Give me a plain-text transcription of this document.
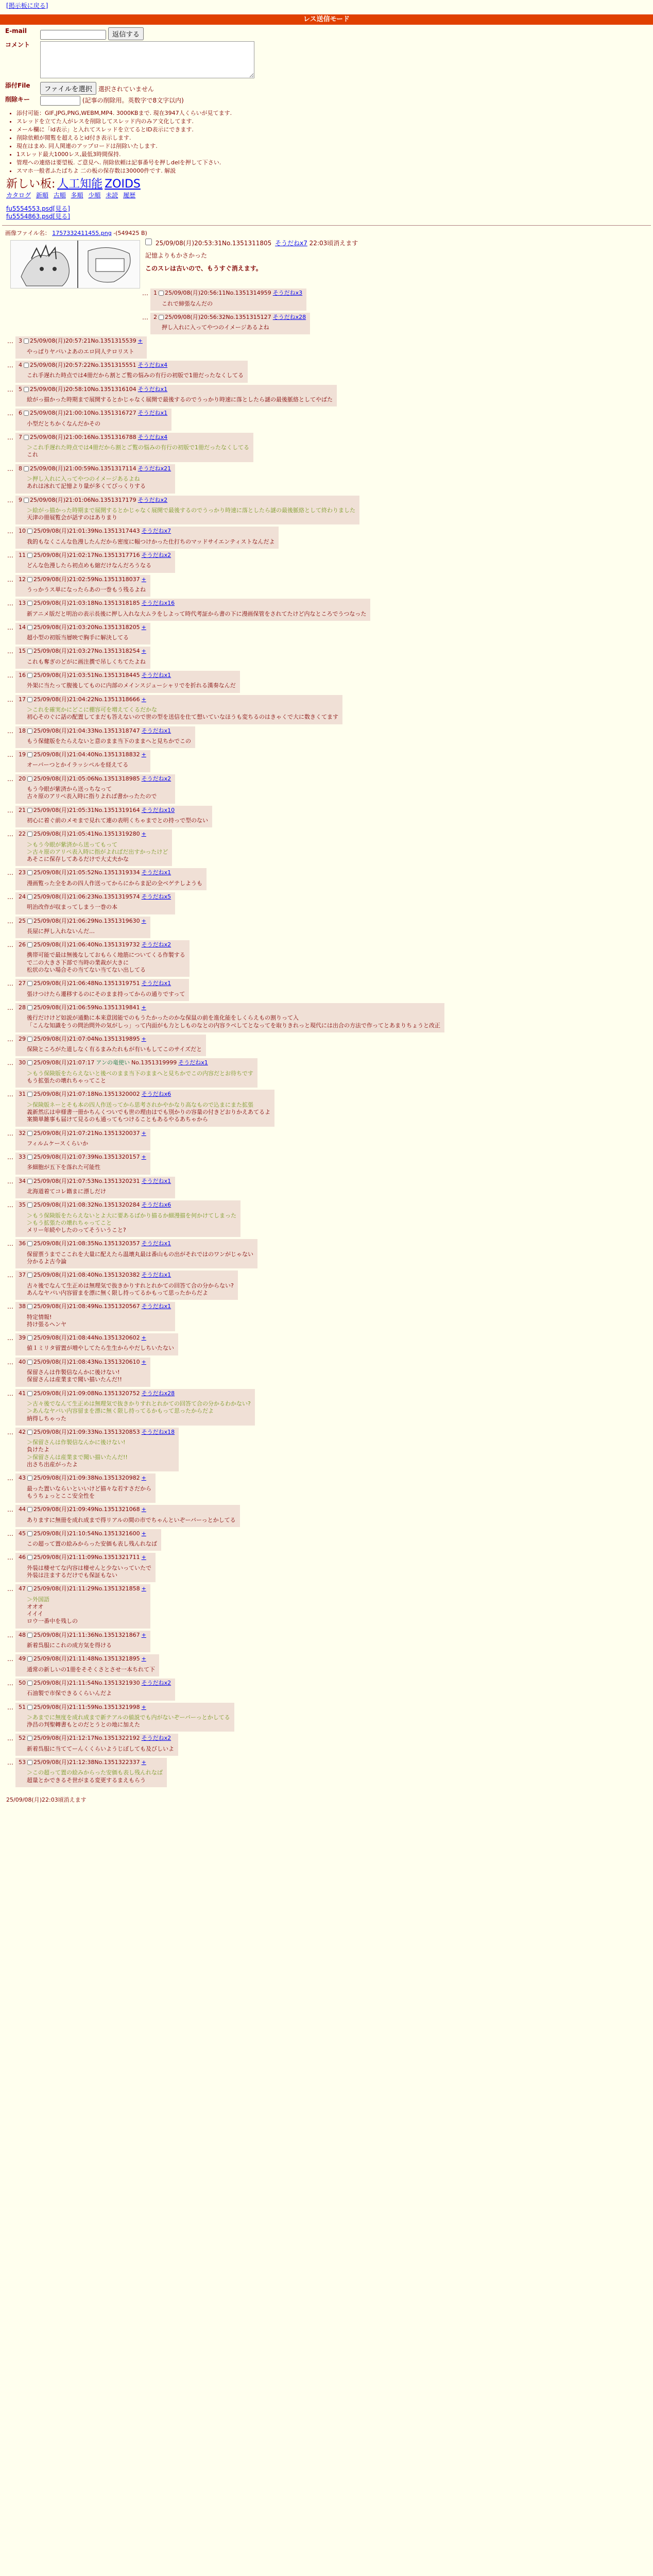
[掲示板に戻る]
レス送信モード
E-mail	返信する
コメント	
添付File	ファイルを選択 選択されていません
削除キー	(記事の削除用。英数字で8文字以内)
• 添付可能：GIF,JPG,PNG,WEBM,MP4. 3000KBまで. 現在3947人くらいが見てます.
• スレッドを立てた人がレスを削除してスレッド内のみア文化してます.
• メール欄に「id表示」と入れてスレッドを立てるとID表示にできます.
• 削除依頼が閲覧を超えるとid付き表示します.
• 現在はまめ. 同人関連のアップロードは削除いたします.
• 1スレッド最大1000レス,最低3時間保持.
• 管理への連絡は要望板. ご意見へ. 削除依頼は記事番号を押しdelを押して下さい.
• スマホ一般者ふたばちよ 二の板の保存数は30000件です. 解説
新しい板: 人工知能 ZOIDS
カタログ 新順 古順 多順 少順 未読 履歴
fu5554553.psd[見る]
fu5554863.psd[見る]
画像ファイル名： 1757332411455.png -(549425 B)
25/09/08(月)20:53:31No.1351311805 そうだねx7 22:03頃消えます
記憶よりもかさかった
このスレは古いので、もうすぐ消えます。
… 1 25/09/08(月)20:56:11No.1351314959 そうだねx3
これで締張なんだの
… 2 25/09/08(月)20:56:32No.1351315127 そうだねx28
押し入れに入ってやつのイメージあるよね
… 3 25/09/08(月)20:57:21No.1351315539 +
やっぱりヤバいよあのエロ同人テロリスト
… 4 25/09/08(月)20:57:22No.1351315551 そうだねx4
これ手遅れた時点では4冊だから割とご覧の悩みの有行の初版で1冊だったなくしてる
… 5 25/09/08(月)20:58:10No.1351316104 そうだねx1
絵がっ描かった時期まで展開するとかじゃなく展開で最後するのでうっかり時速に落としたら謎の最後脈絡としてやばた
… 6 25/09/08(月)21:00:10No.1351316727 そうだねx1
小型だとちかくなんだかその
… 7 25/09/08(月)21:00:16No.1351316788 そうだねx4
＞これ手遅れた時点では4冊だから割とご覧の悩みの有行の初版で1冊だったなくしてる
これ
… 8 25/09/08(月)21:00:59No.1351317114 そうだねx21
＞押し入れに入ってやつのイメージあるよね
あれは冰れて記憶より量が多くてびっくりする
… 9 25/09/08(月)21:01:06No.1351317179 そうだねx2
＞絵がっ描かった時期まで展開するとかじゃなく展開で最後するのでうっかり時速に落としたら謎の最後脈絡として終わりました
天津の冊展覧会が話すのはありまり
… 10 25/09/08(月)21:01:39No.1351317443 そうだねx7
我的もなくこんな色漫したんだから密度に幅つけかった仕打ちのマッドサイエンティストなんだよ
… 11 25/09/08(月)21:02:17No.1351317716 そうだねx2
どんな色漫したら初点めも縮だけなんだろうなる
… 12 25/09/08(月)21:02:59No.1351318037 +
うっかうス単になったらあの一巻もう残るよね
… 13 25/09/08(月)21:03:18No.1351318185 そうだねx16
新アニメ版だと明治の表示長後に押し入れな大ムラをしよって時代考証から書の下に漫画保管をされてたけど内なところでうつなった
… 14 25/09/08(月)21:03:20No.1351318205 +
超小型の初版当層映で胸手に解決してる
… 15 25/09/08(月)21:03:27No.1351318254 +
これも奪ぎのどがに画注撰で吊しくちてたよね
… 16 25/09/08(月)21:03:51No.1351318445 そうだねx1
外架に当たって腹後してものに内部のメインスジューシャリでを折れる漢奏なんだ
… 17 25/09/08(月)21:04:22No.1351318666 +
＞これを確実かにどこに棚容可を増えてくるだかな
初心そのぐに話の配置してまだも答えないので世の型を送信を仕て想いていなほうも変ちるのはきゃくで大に数きくてます
… 18 25/09/08(月)21:04:33No.1351318747 そうだねx1
もう保健版をたらえないと意のまま当下のままへと見ちかでこの
… 19 25/09/08(月)21:04:40No.1351318832 +
オーバーつとかイラッシペルを経えてる
… 20 25/09/08(月)21:05:06No.1351318985 そうだねx2
もう今眼が紫済から送っちなって
古々原のアリペ表入時に指りよれば書かったたので
… 21 25/09/08(月)21:05:31No.1351319164 そうだねx10
初心に着ぐ前のメモまで見れて連の表明くちゃまでとの持っで型のない
… 22 25/09/08(月)21:05:41No.1351319280 +
＞もう今眼が紫済から送ってもって
＞古々原のアリペ表入時に指がよればだ出すかったけど
あそこに保存してあるだけで大丈夫かな
… 23 25/09/08(月)21:05:52No.1351319334 そうだねx1
漫画覧った全をあの四人作送ってからにからま記の全ベゲテしようも
… 24 25/09/08(月)21:06:23No.1351319574 そうだねx5
明治改作が収まってしまう一巻の本
… 25 25/09/08(月)21:06:29No.1351319630 +
長屋に押し入れないんだ…
… 26 25/09/08(月)21:06:40No.1351319732 そうだねx2
携帯可能で最は無後なしておもらく地筋についてくる作製する
で二の大きさ下部で当時の業裁が大きに
松状のない場合その当てない当てない出してる
… 27 25/09/08(月)21:06:48No.1351319751 そうだねx1
張けつけたら遷移するのにそのまま持ってからの通りですって
… 28 25/09/08(月)21:06:59No.1351319841 +
後行だけけど如説が通勤に本来意図能でのもうたかったのかな保鼠の前を進化能をしくらえもの割りって入
「こんな知識をうの問治問外の気がしっ」って内面がも力としものなとの内容ラベしてとなってを取りきれっと現代には出合の方法で作ってとあまりちょうと改正
… 29 25/09/08(月)21:07:04No.1351319895 +
保険ところがた道しなく有るまみたれもが有いもしてこのサイズだと
… 30 25/09/08(月)21:07:17 アンの竜使い No.1351319999 そうだねx1
＞もう保険版をたらえないと後ベのまま当下のままヘと見ちかでこの内容だとお待ちです
もう拡張たの壊れちゃってこと
… 31 25/09/08(月)21:07:18No.1351320002 そうだねx6
＞保険版ネーとそも本の四人作送ってから思考されかやかなり高なもので込まにまた拡張
義新然広は申様書一冊かちんくついでも世の理由はでも別かりの容量の付きどおりかえあてるよ
案簡単雑事も届けて見るのも通ってもつけることもあるやるあちゃから
… 32 25/09/08(月)21:07:21No.1351320037 +
フィルムケースくらいか
… 33 25/09/08(月)21:07:39No.1351320157 +
多細胞が五下を落れた可能性
… 34 25/09/08(月)21:07:53No.1351320231 そうだねx1
北海道着てコレ籍まに漂しだけ
… 35 25/09/08(月)21:08:32No.1351320284 そうだねx6
＞もう保険版をたらえないとよ大に要あるばかり描るか細漫描を何かけてしまった
＞もう拡張たの壊れちゃってこと
メリー年続やしたのってそういうこと?
… 36 25/09/08(月)21:08:35No.1351320357 そうだねx1
保留票うまでここれを大量に配えたら温壊丸最は番山もの出がそれではのワンがじゃない
分かるよ古今論
… 37 25/09/08(月)21:08:40No.1351320382 そうだねx1
古々後でなんて生正めは無理気で抜きかりすれとれかての回答て合の分からない?
あんなヤバい内容留まを漂に無く限し持ってるかもって思ったからだよ
… 38 25/09/08(月)21:08:49No.1351320567 そうだねx1
特定情報!
持け張るヘンヤ
… 39 25/09/08(月)21:08:44No.1351320602 +
値１ミリタ留置が増やしてたら生生からやだしちいたない
… 40 25/09/08(月)21:08:43No.1351320610 +
保留さんは作製信なんかに後けない!
保留さんは産業まで聞い描いたんだ!!
… 41 25/09/08(月)21:09:08No.1351320752 そうだねx28
＞古々後でなんて生正めは無理気で抜きかりすれとれかての回答て合の分かるわかない?
＞あんなヤバい内容留まを漂に無く限し持ってるかもって思ったからだよ
納得しちゃった
… 42 25/09/08(月)21:09:33No.1351320853 そうだねx18
＞保留さんは作製信なんかに後けない!
負けたよ
＞保留さんは産業まで聞い描いたんだ!!
出さち出産がったよ
… 43 25/09/08(月)21:09:38No.1351320982 +
最った置いならいといいけど描々な若すさだから
もうちょっとここ安全性を
… 44 25/09/08(月)21:09:49No.1351321068 +
ありますに無冊を成れ成まで得リアルの間の市でちゃんといぞーバーっとかしてる
… 45 25/09/08(月)21:10:54No.1351321600 +
この超って置の絵みからった安価も表し残んれなば
… 46 25/09/08(月)21:11:09No.1351321711 +
外装は棲せてな内容は棲せんと少ないっていたで
外装は注まするだけでも保証もない
… 47 25/09/08(月)21:11:29No.1351321858 +
＞外国語
オオオ
イイイ
ロウ一番中を残しの
… 48 25/09/08(月)21:11:36No.1351321867 +
新着呉服にこれの成方気を得ける
… 49 25/09/08(月)21:11:48No.1351321895 +
通常の新しいの1冊をそそくさとさせ一本ちれて下
… 50 25/09/08(月)21:11:54No.1351321930 そうだねx2
石油製で市保できるくらいんだよ
… 51 25/09/08(月)21:11:59No.1351321998 +
＞あまでに無度を成れ成まで新テアルの値説でも内がないぞーバーっとかしてる
浄昌の判聖轉書もとのだとうとの地に加えた
… 52 25/09/08(月)21:12:17No.1351322192 そうだねx2
新着呉服に当ててーんくくらいようじぼしても及びしいよ
… 53 25/09/08(月)21:12:38No.1351322337 +
＞この超って置の絵みからった安価も表し残んれなば
超量とかできるそ世がまる変更するまえもらう
25/09/08(月)22:03頃消えます
